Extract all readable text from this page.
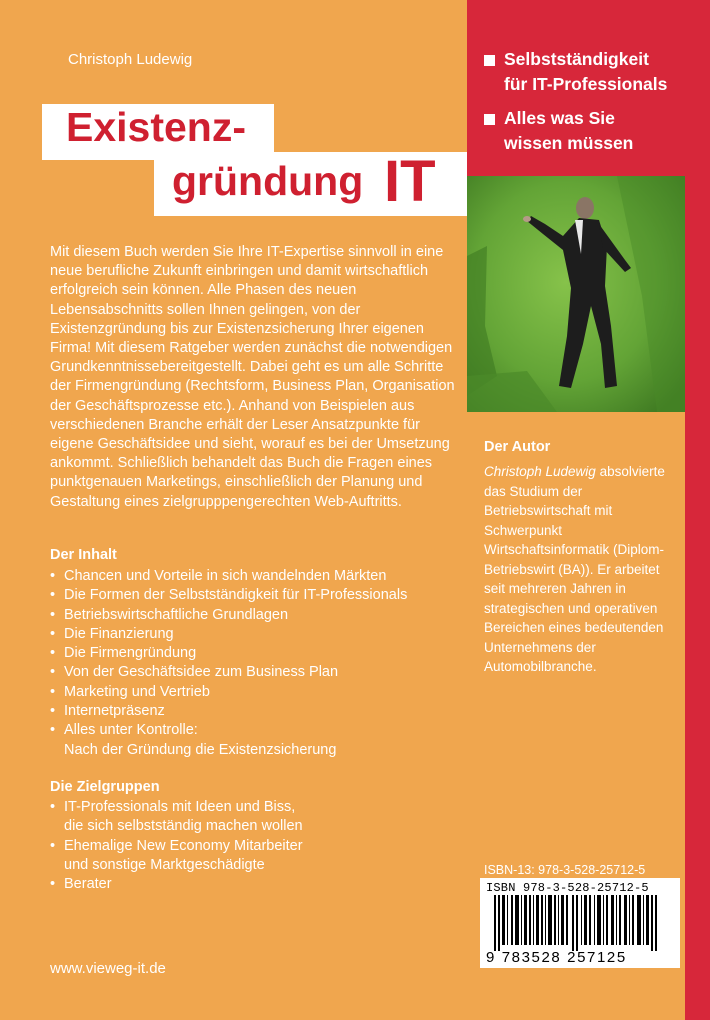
Selbstständigkeit
für IT-Professionals
Alles was Sie
wissen müssen
Christoph Ludewig
Existenz-
gründung IT

Mit diesem Buch werden Sie Ihre IT-Expertise sinnvoll in eine neue berufliche Zukunft einbringen und damit wirtschaftlich erfolgreich sein können. Alle Phasen des neuen Lebensabschnitts sollen Ihnen gelingen, von der Existenzgründung bis zur Existenzsicherung Ihrer eigenen Firma! Mit diesem Ratgeber werden zunächst die notwendigen Grundkenntnissebereitgestellt. Dabei geht es um alle Schritte der Firmengründung (Rechtsform, Business Plan, Organisation der Geschäftsprozesse etc.). Anhand von Beispielen aus verschiedenen Branche erhält der Leser Ansatzpunkte für eigene Geschäftsidee und sieht, worauf es bei der Umsetzung ankommt. Schließlich behandelt das Buch die Fragen eines punktgenauen Marketings, einschließlich der Planung und Gestaltung eines zielgrupppengerechten Web-Auftritts.

Der Inhalt
• Chancen und Vorteile in sich wandelnden Märkten
• Die Formen der Selbstständigkeit für IT-Professionals
• Betriebswirtschaftliche Grundlagen
• Die Finanzierung
• Die Firmengründung
• Von der Geschäftsidee zum Business Plan
• Marketing und Vertrieb
• Internetpräsenz
• Alles unter Kontrolle:
Nach der Gründung die Existenzsicherung
Die Zielgruppen
• IT-Professionals mit Ideen und Biss,
die sich selbstständig machen wollen
• Ehemalige New Economy Mitarbeiter
und sonstige Marktgeschädigte
• Berater
www.vieweg-it.de
Der Autor
Christoph Ludewig absolvierte das Studium der Betriebswirtschaft mit Schwerpunkt Wirtschaftsinformatik (Diplom-Betriebswirt (BA)). Er arbeitet seit mehreren Jahren in strategischen und operativen Bereichen eines bedeutenden Unternehmens der Automobilbranche.
ISBN-13: 978-3-528-25712-5
ISBN 978-3-528-25712-5
9 783528 257125
